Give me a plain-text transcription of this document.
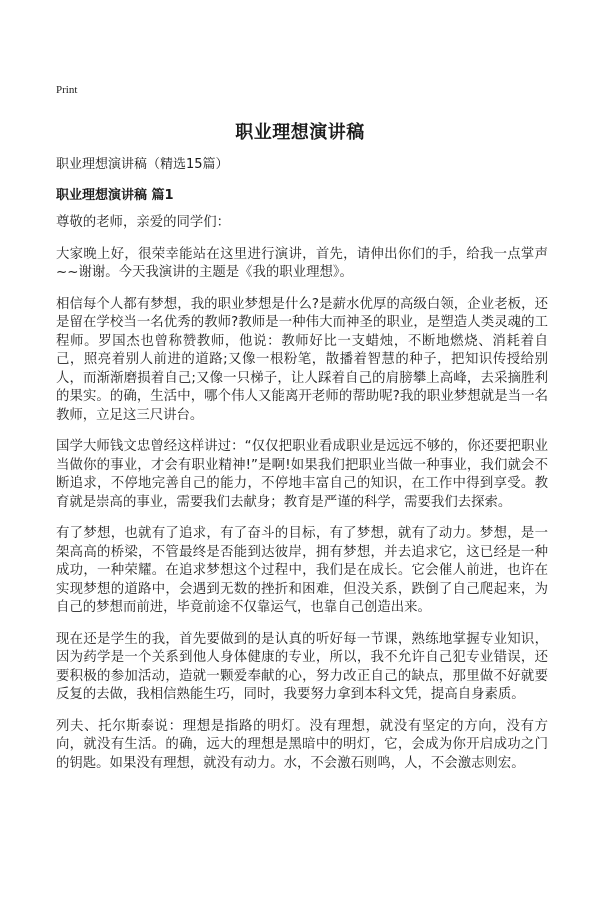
Print
职业理想演讲稿
职业理想演讲稿（精选15篇）
职业理想演讲稿 篇1

尊敬的老师，亲爱的同学们：

大家晚上好，很荣幸能站在这里进行演讲，首先，请伸出你们的手，给我一点掌声~~谢谢。今天我演讲的主题是《我的职业理想》。

相信每个人都有梦想，我的职业梦想是什么?是薪水优厚的高级白领，企业老板，还是留在学校当一名优秀的教师?教师是一种伟大而神圣的职业，是塑造人类灵魂的工程师。罗国杰也曾称赞教师，他说：教师好比一支蜡烛，不断地燃烧、消耗着自己，照亮着别人前进的道路;又像一根粉笔，散播着智慧的种子，把知识传授给别人，而渐渐磨损着自己;又像一只梯子，让人踩着自己的肩膀攀上高峰，去采摘胜利的果实。的确，生活中，哪个伟人又能离开老师的帮助呢?我的职业梦想就是当一名教师，立足这三尺讲台。

国学大师钱文忠曾经这样讲过：“仅仅把职业看成职业是远远不够的，你还要把职业当做你的事业，才会有职业精神!”是啊!如果我们把职业当做一种事业，我们就会不断追求，不停地完善自己的能力，不停地丰富自己的知识，在工作中得到享受。教育就是崇高的事业，需要我们去献身；教育是严谨的科学，需要我们去探索。

有了梦想，也就有了追求，有了奋斗的目标，有了梦想，就有了动力。梦想，是一架高高的桥梁，不管最终是否能到达彼岸，拥有梦想，并去追求它，这已经是一种成功，一种荣耀。在追求梦想这个过程中，我们是在成长。它会催人前进，也许在实现梦想的道路中，会遇到无数的挫折和困难，但没关系，跌倒了自己爬起来，为自己的梦想而前进，毕竟前途不仅靠运气，也靠自己创造出来。

现在还是学生的我，首先要做到的是认真的听好每一节课，熟练地掌握专业知识，因为药学是一个关系到他人身体健康的专业，所以，我不允许自己犯专业错误，还要积极的参加活动，造就一颗爱奉献的心，努力改正自己的缺点，那里做不好就要反复的去做，我相信熟能生巧，同时，我要努力拿到本科文凭，提高自身素质。

列夫、托尔斯泰说：理想是指路的明灯。没有理想，就没有坚定的方向，没有方向，就没有生活。的确，远大的理想是黑暗中的明灯，它，会成为你开启成功之门的钥匙。如果没有理想，就没有动力。水，不会激石则鸣，人，不会激志则宏。
